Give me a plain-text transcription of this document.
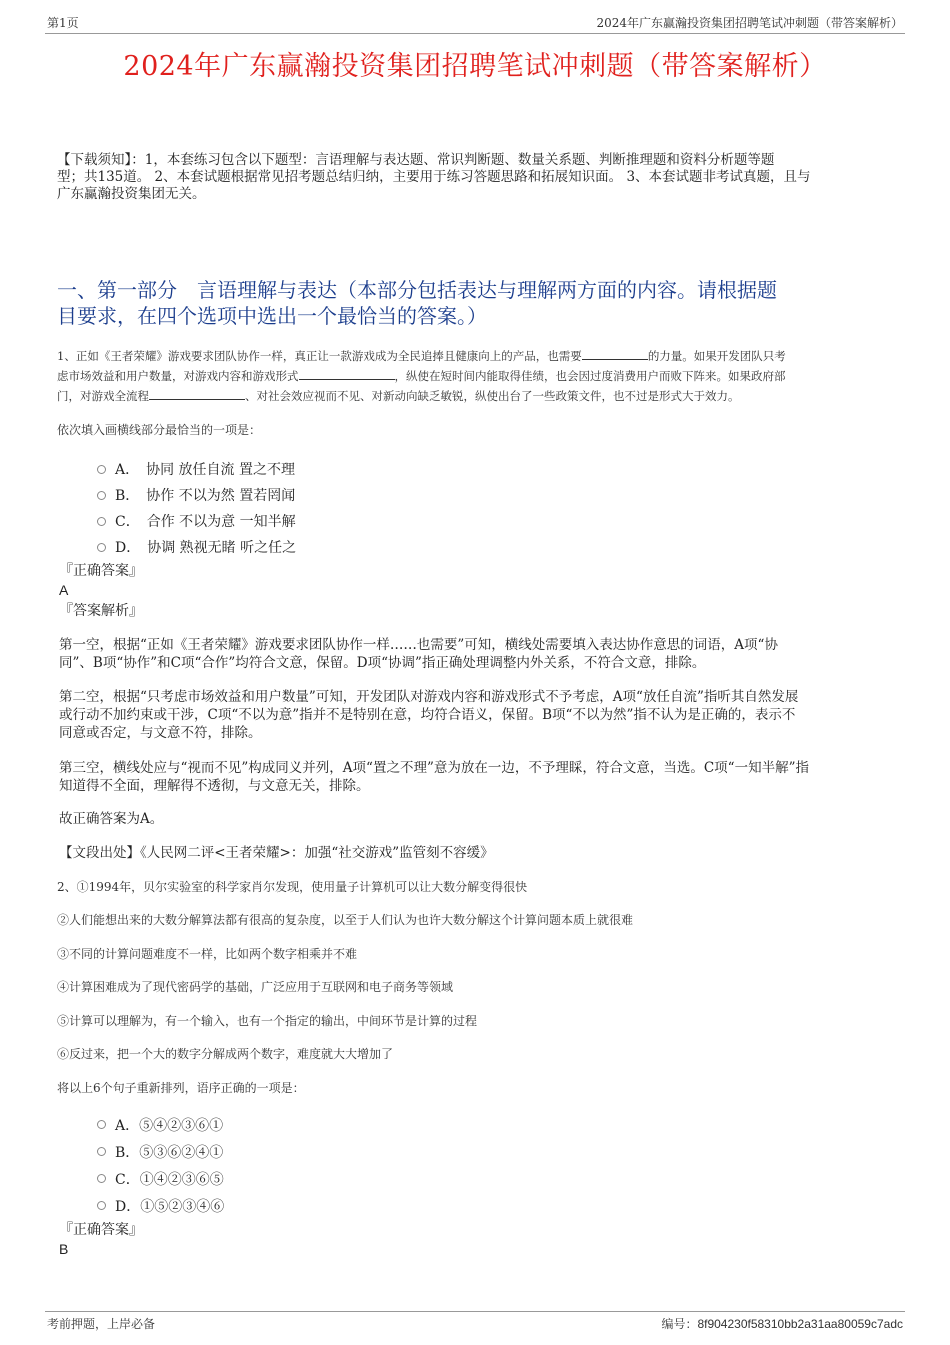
第1页	2024年广东赢瀚投资集团招聘笔试冲刺题（带答案解析）
2024年广东赢瀚投资集团招聘笔试冲刺题（带答案解析）
【下载须知】：1，本套练习包含以下题型：言语理解与表达题、常识判断题、数量关系题、判断推理题和资料分析题等题
型；共135道。 2、本套试题根据常见招考题总结归纳，主要用于练习答题思路和拓展知识面。 3、本套试题非考试真题，且与
广东赢瀚投资集团无关。
一、第一部分　言语理解与表达（本部分包括表达与理解两方面的内容。请根据题
目要求，在四个选项中选出一个最恰当的答案。）
1、正如《王者荣耀》游戏要求团队协作一样，真正让一款游戏成为全民追捧且健康向上的产品，也需要	的力量。如果开发团队只考
虑市场效益和用户数量，对游戏内容和游戏形式	，纵使在短时间内能取得佳绩，也会因过度消费用户而败下阵来。如果政府部
门，对游戏全流程	、对社会效应视而不见、对新动向缺乏敏锐，纵使出台了一些政策文件，也不过是形式大于效力。
依次填入画横线部分最恰当的一项是：
A．　协同 放任自流 置之不理
B．　协作 不以为然 置若罔闻
C．　合作 不以为意 一知半解
D．　协调 熟视无睹 听之任之
『正确答案』
A
『答案解析』
第一空，根据“正如《王者荣耀》游戏要求团队协作一样……也需要”可知，横线处需要填入表达协作意思的词语，A项“协
同”、B项“协作”和C项“合作”均符合文意，保留。D项“协调”指正确处理调整内外关系，不符合文意，排除。
第二空，根据“只考虑市场效益和用户数量”可知，开发团队对游戏内容和游戏形式不予考虑，A项“放任自流”指听其自然发展
或行动不加约束或干涉，C项“不以为意”指并不是特别在意，均符合语义，保留。B项“不以为然”指不认为是正确的，表示不
同意或否定，与文意不符，排除。
第三空，横线处应与“视而不见”构成同义并列，A项“置之不理”意为放在一边，不予理睬，符合文意，当选。C项“一知半解”指
知道得不全面，理解得不透彻，与文意无关，排除。
故正确答案为A。
【文段出处】《人民网二评<王者荣耀>：加强“社交游戏”监管刻不容缓》
2、①1994年，贝尔实验室的科学家肖尔发现，使用量子计算机可以让大数分解变得很快
②人们能想出来的大数分解算法都有很高的复杂度，以至于人们认为也许大数分解这个计算问题本质上就很难
③不同的计算问题难度不一样，比如两个数字相乘并不难
④计算困难成为了现代密码学的基础，广泛应用于互联网和电子商务等领域
⑤计算可以理解为，有一个输入，也有一个指定的输出，中间环节是计算的过程
⑥反过来，把一个大的数字分解成两个数字，难度就大大增加了
将以上6个句子重新排列，语序正确的一项是：
A．⑤④②③⑥①
B．⑤③⑥②④①
C．①④②③⑥⑤
D．①⑤②③④⑥
『正确答案』
B
考前押题，上岸必备	编号：8f904230f58310bb2a31aa80059c7adc
